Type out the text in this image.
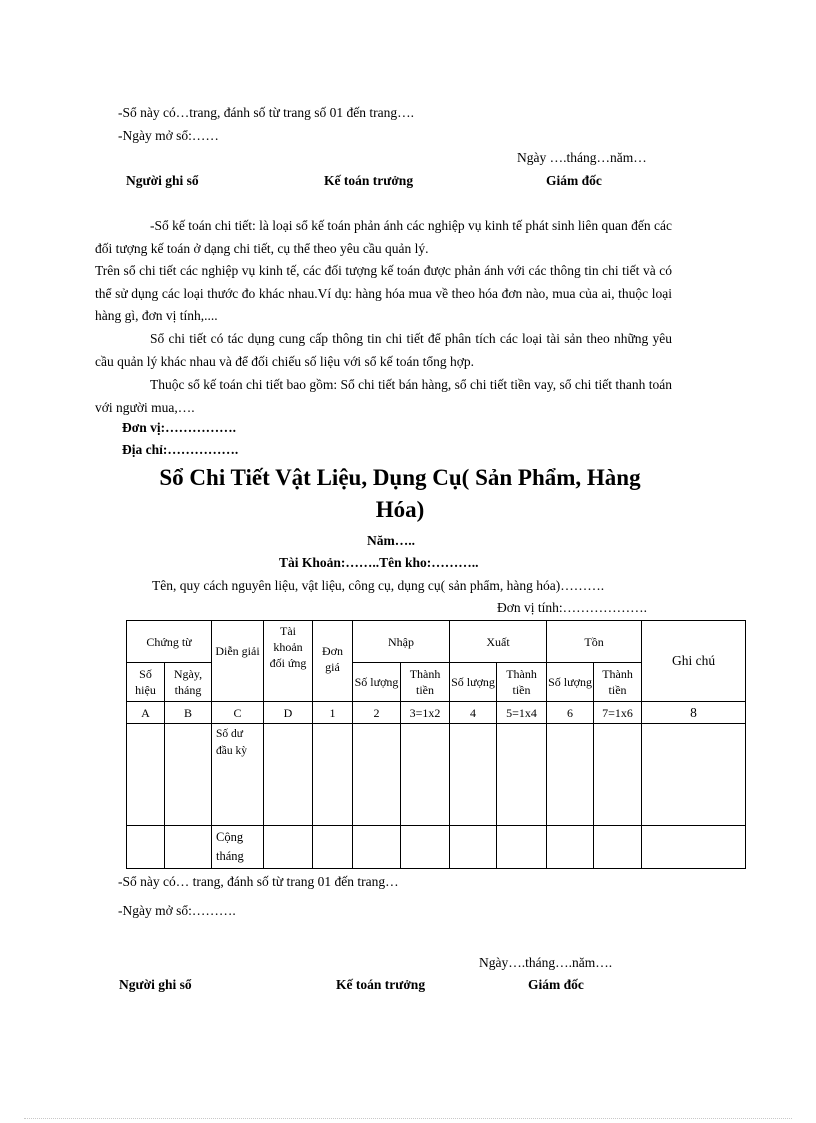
-Sổ này có…trang, đánh số từ trang số 01 đến trang….
-Ngày mở sổ:……
Ngày ….tháng…năm…
Người ghi sổ	Kế toán trưởng	Giám đốc
-Sổ kế toán chi tiết: là loại sổ kế toán phản ánh các nghiệp vụ kinh tế phát sinh liên quan đến các đối tượng kế toán ở dạng chi tiết, cụ thể theo yêu cầu quản lý.
Trên sổ chi tiết các nghiệp vụ kinh tế, các đối tượng kế toán được phản ánh với các thông tin chi tiết và có thể sử dụng các loại thước đo khác nhau.Ví dụ: hàng hóa mua về theo hóa đơn nào, mua của ai, thuộc loại hàng gì, đơn vị tính,....
Sổ chi tiết có tác dụng cung cấp thông tin chi tiết để phân tích các loại tài sản theo những yêu cầu quản lý khác nhau và để đối chiếu số liệu với sổ kế toán tổng hợp.
Thuộc sổ kế toán chi tiết bao gồm: Sổ chi tiết bán hàng, sổ chi tiết tiền vay, sổ chi tiết thanh toán với người mua,….
Đơn vị:…………….
Địa chỉ:…………….
Sổ Chi Tiết Vật Liệu, Dụng Cụ( Sản Phẩm, Hàng
Hóa)
Năm…..
Tài Khoản:……..Tên kho:………..
Tên, quy cách nguyên liệu, vật liệu, công cụ, dụng cụ( sản phẩm, hàng hóa)……….
Đơn vị tính:……………….
Chứng từ		Diễn giải	Tài khoản đối ứng	Đơn giá	Nhập		Xuất		Tồn		Ghi chú
Số hiệu	Ngày, tháng				Số lượng	Thành tiền	Số lượng	Thành tiền	Số lượng	Thành tiền	
A	B	C	D	1	2	3=1x2	4	5=1x4	6	7=1x6	8
		Số dư đầu kỳ									
		Cộng tháng									
-Sổ này có… trang, đánh số từ trang 01 đến trang…
-Ngày mở sổ:……….
Ngày….tháng….năm….
Người ghi sổ	Kế toán trưởng	Giám đốc
